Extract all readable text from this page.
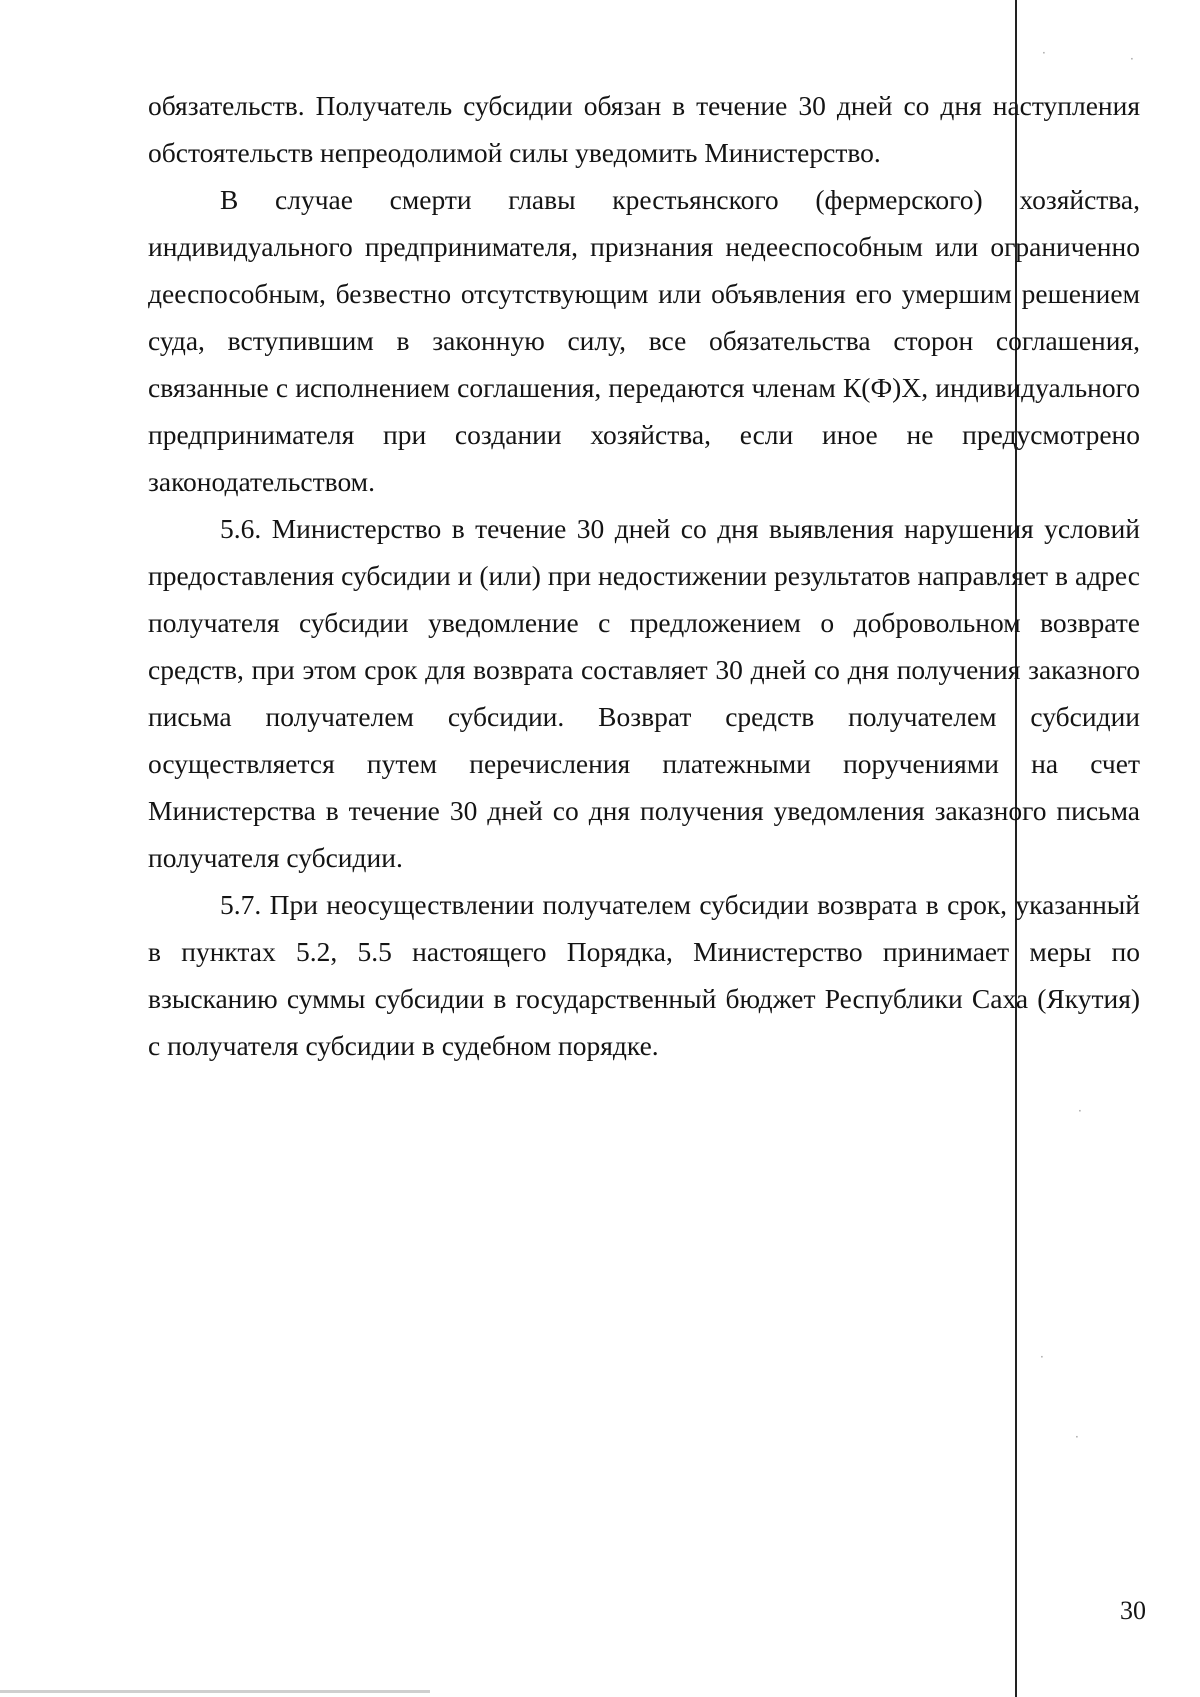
·	·
·
·
·

обязательств. Получатель субсидии обязан в течение 30 дней со дня наступления обстоятельств непреодолимой силы уведомить Министерство.

В случае смерти главы крестьянского (фермерского) хозяйства, индивидуального предпринимателя, признания недееспособным или ограниченно дееспособным, безвестно отсутствующим или объявления его умершим решением суда, вступившим в законную силу, все обязательства сторон соглашения, связанные с исполнением соглашения, передаются членам К(Ф)Х, индивидуального предпринимателя при создании хозяйства, если иное не предусмотрено законодательством.

5.6. Министерство в течение 30 дней со дня выявления нарушения условий предоставления субсидии и (или) при недостижении результатов направляет в адрес получателя субсидии уведомление с предложением о добровольном возврате средств, при этом срок для возврата составляет 30 дней со дня получения заказного письма получателем субсидии. Возврат средств получателем субсидии осуществляется путем перечисления платежными поручениями на счет Министерства в течение 30 дней со дня получения уведомления заказного письма получателя субсидии.

5.7. При неосуществлении получателем субсидии возврата в срок, указанный в пунктах 5.2, 5.5 настоящего Порядка, Министерство принимает меры по взысканию суммы субсидии в государственный бюджет Республики Саха (Якутия) с получателя субсидии в судебном порядке.

30
